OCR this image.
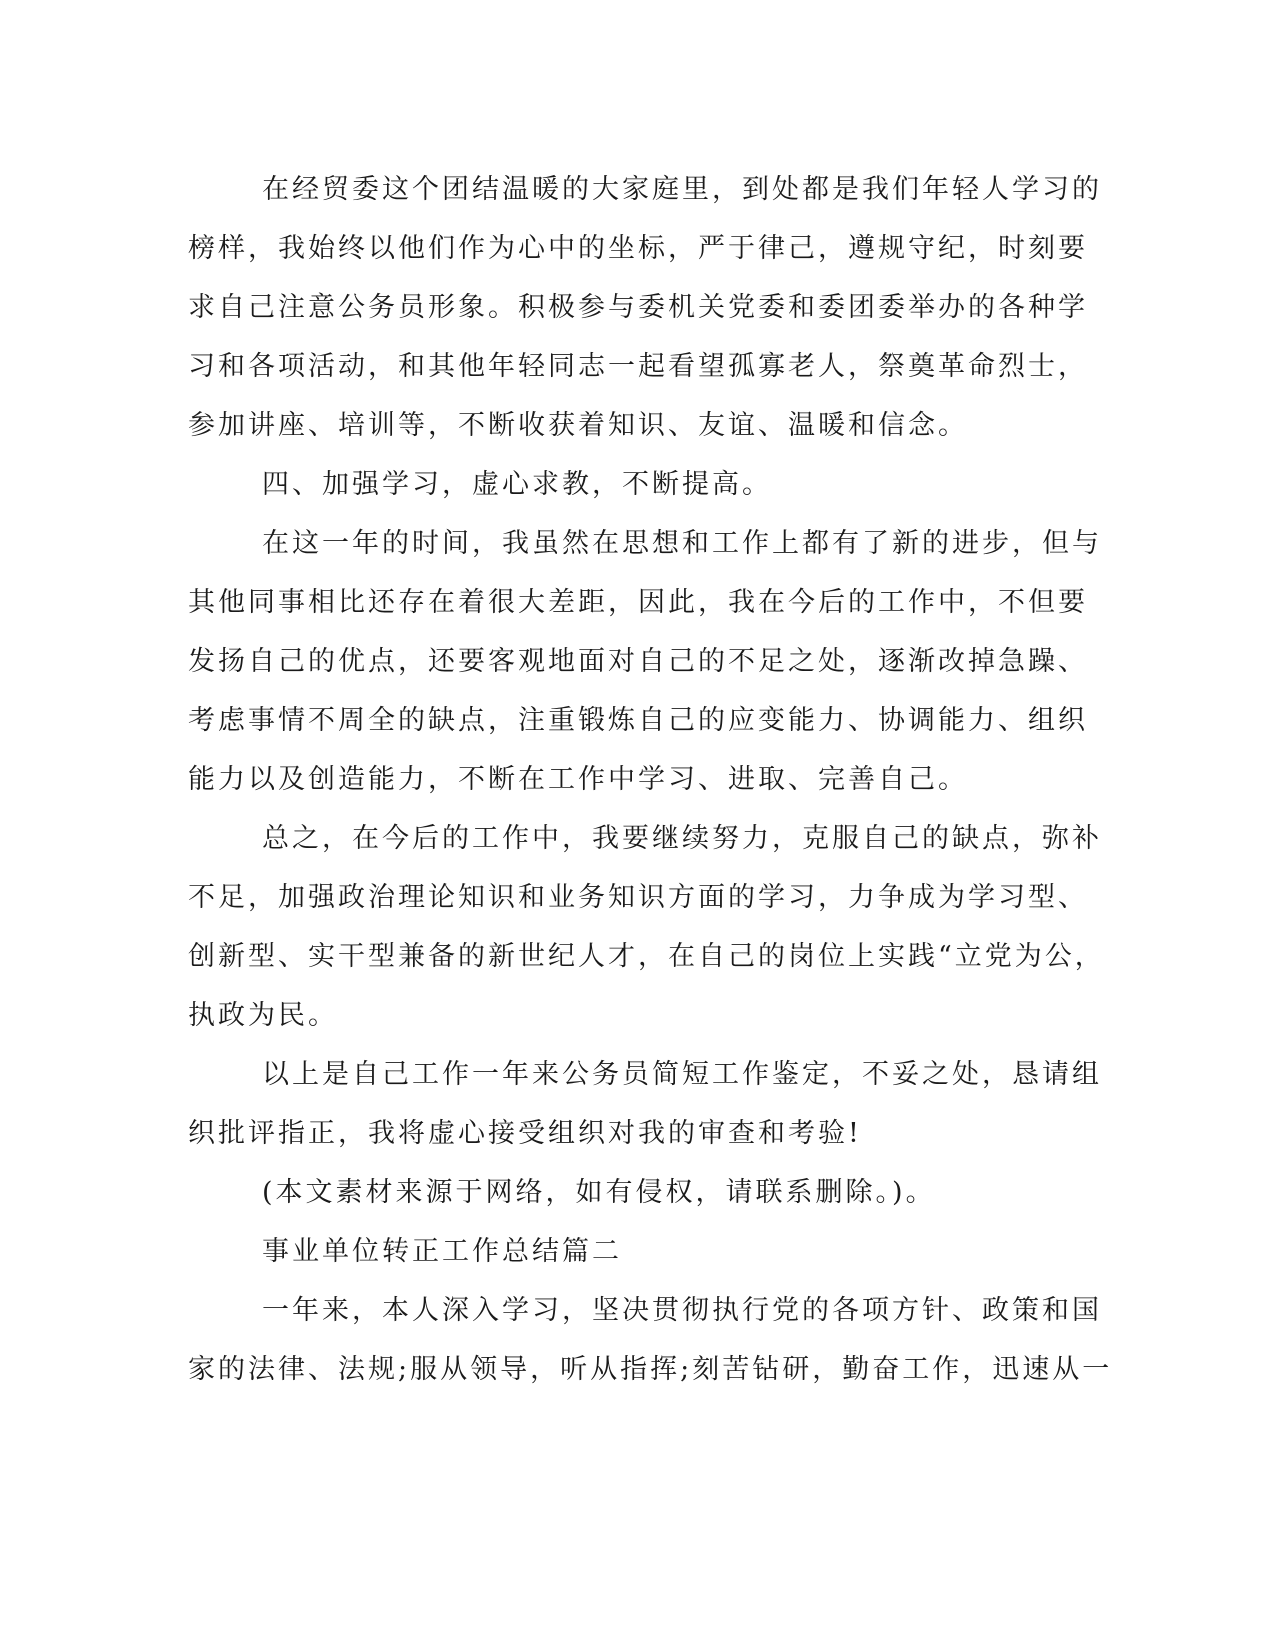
在经贸委这个团结温暖的大家庭里，到处都是我们年轻人学习的
榜样，我始终以他们作为心中的坐标，严于律己，遵规守纪，时刻要
求自己注意公务员形象。积极参与委机关党委和委团委举办的各种学
习和各项活动，和其他年轻同志一起看望孤寡老人，祭奠革命烈士，
参加讲座、培训等，不断收获着知识、友谊、温暖和信念。
四、加强学习，虚心求教，不断提高。
在这一年的时间，我虽然在思想和工作上都有了新的进步，但与
其他同事相比还存在着很大差距，因此，我在今后的工作中，不但要
发扬自己的优点，还要客观地面对自己的不足之处，逐渐改掉急躁、
考虑事情不周全的缺点，注重锻炼自己的应变能力、协调能力、组织
能力以及创造能力，不断在工作中学习、进取、完善自己。
总之，在今后的工作中，我要继续努力，克服自己的缺点，弥补
不足，加强政治理论知识和业务知识方面的学习，力争成为学习型、
创新型、实干型兼备的新世纪人才，在自己的岗位上实践“立党为公，
执政为民。
以上是自己工作一年来公务员简短工作鉴定，不妥之处，恳请组
织批评指正，我将虚心接受组织对我的审查和考验!
(本文素材来源于网络，如有侵权，请联系删除。)。
事业单位转正工作总结篇二
一年来，本人深入学习，坚决贯彻执行党的各项方针、政策和国
家的法律、法规;服从领导，听从指挥;刻苦钻研，勤奋工作，迅速从一
